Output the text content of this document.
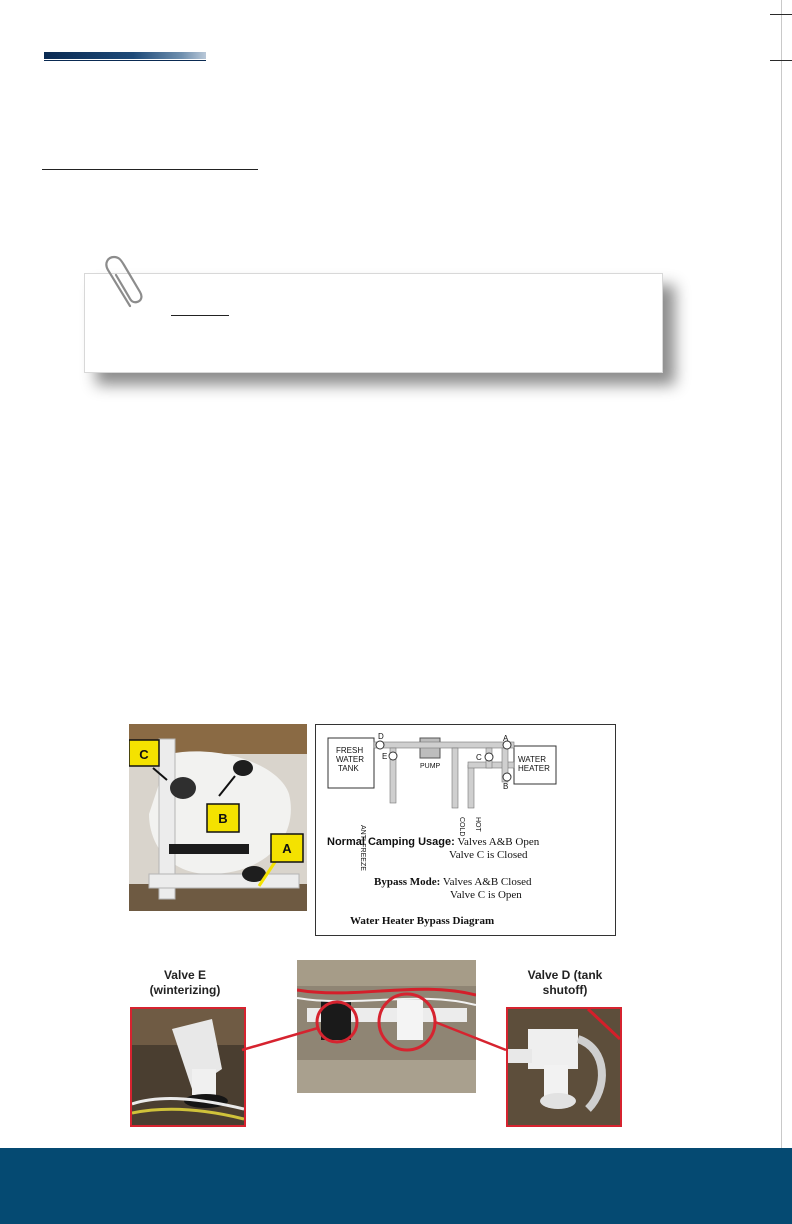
C
B
A
FRESH
WATER
TANK
WATER
HEATER
PUMP
D
E	C
A
B
ANTI-FREEZE	COLD HOT
Normal Camping Usage: Valves A&B Open
Valve C is Closed
Bypass Mode: Valves A&B Closed
Valve C is Open
Water Heater Bypass Diagram
Valve E
(winterizing)
Valve D (tank
shutoff)
